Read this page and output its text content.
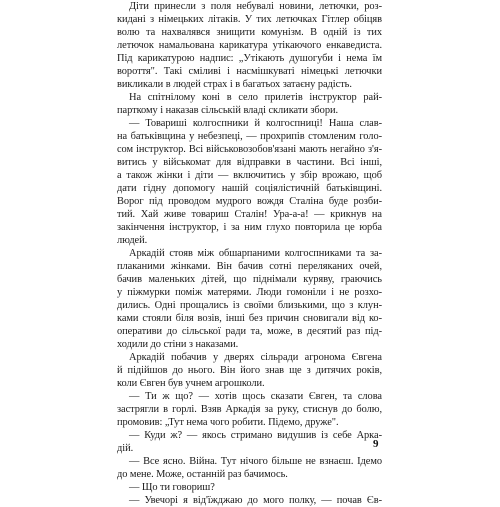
Діти принесли з поля небувалі новини, летючки, роз-
кидані з німецьких літаків. У тих летючках Гітлер обіцяв
волю та нахвалявся знищити комунізм. В одній із тих
летючок намальована карикатура утікаючого енкаведиста.
Під карикатурою надпис: „Утікають душогуби і нема їм
вороття". Такі сміливі і насмішкуваті німецькі летючки
викликали в людей страх і в багатьох затаєну радість.
На спітнілому коні в село прилетів інструктор рай-
парткому і наказав сільській владі скликати збори.
— Товариші колгоспники й колгоспниці! Наша слав-
на батьківщина у небезпеці, — прохрипів стомленим голо-
сом інструктор. Всі військовозобов'язані мають негайно з'я-
витись у військомат для відправки в частини. Всі інші,
а також жінки і діти — включитись у збір врожаю, щоб
дати гідну допомогу нашій соціялістичній батьківщині.
Ворог під проводом мудрого вождя Сталіна буде розби-
тий. Хай живе товариш Сталін! Ура-а-а! — крикнув на
закінчення інструктор, і за ним глухо повторила це юрба
людей.
Аркадій стояв між обшарпаними колгоспниками та за-
плаканими жінками. Він бачив сотні переляканих очей,
бачив маленьких дітей, що піднімали куряву, граючись
у піжмурки поміж матерями. Люди гомоніли і не розхо-
дились. Одні прощались із своїми близькими, що з клун-
ками стояли біля возів, інші без причин сновигали від ко-
оперативи до сільської ради та, може, в десятий раз під-
ходили до стіни з наказами.
Аркадій побачив у дверях сільради агронома Євгена
й підійшов до нього. Він його знав ще з дитячих років,
коли Євген був учнем агрошколи.
— Ти ж що? — хотів щось сказати Євген, та слова
застрягли в горлі. Взяв Аркадія за руку, стиснув до болю,
промовив: „Тут нема чого робити. Підемо, друже".
— Куди ж? — якось стримано видушив із себе Арка-
дій.
— Все ясно. Війна. Тут нічого більше не взнаєш. Ідемо
до мене. Може, останній раз бачимось.
— Що ти говориш?
— Увечорі я від'їжджаю до мого полку, — почав Єв-
9
